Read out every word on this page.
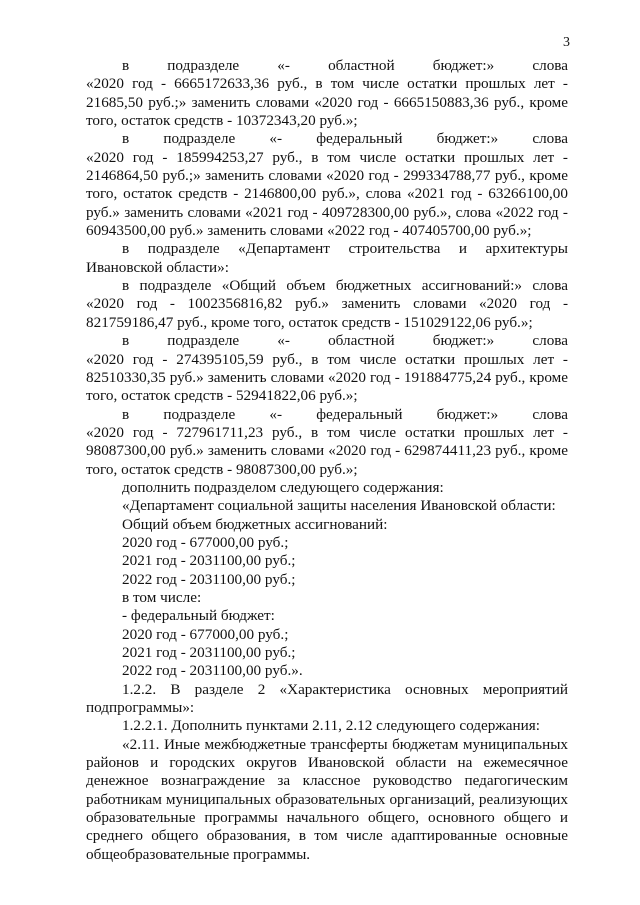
3

в подразделе «- областной бюджет:» слова

«2020 год - 6665172633,36 руб., в том числе остатки прошлых лет - 21685,50 руб.;» заменить словами «2020 год - 6665150883,36 руб., кроме того, остаток средств - 10372343,20 руб.»;

в подразделе «- федеральный бюджет:» слова

«2020 год - 185994253,27 руб., в том числе остатки прошлых лет - 2146864,50 руб.;» заменить словами «2020 год - 299334788,77 руб., кроме того, остаток средств - 2146800,00 руб.», слова «2021 год - 63266100,00 руб.» заменить словами «2021 год - 409728300,00 руб.», слова «2022 год - 60943500,00 руб.» заменить словами «2022 год - 407405700,00 руб.»;

в подразделе «Департамент строительства и архитектуры Ивановской области»:

в подразделе «Общий объем бюджетных ассигнований:» слова «2020 год - 1002356816,82 руб.» заменить словами «2020 год - 821759186,47 руб., кроме того, остаток средств - 151029122,06 руб.»;

в подразделе «- областной бюджет:» слова

«2020 год - 274395105,59 руб., в том числе остатки прошлых лет - 82510330,35 руб.» заменить словами «2020 год - 191884775,24 руб., кроме того, остаток средств - 52941822,06 руб.»;

в подразделе «- федеральный бюджет:» слова

«2020 год - 727961711,23 руб., в том числе остатки прошлых лет - 98087300,00 руб.» заменить словами «2020 год - 629874411,23 руб., кроме того, остаток средств - 98087300,00 руб.»;

дополнить подразделом следующего содержания:

«Департамент социальной защиты населения Ивановской области:

Общий объем бюджетных ассигнований:

2020 год - 677000,00 руб.;

2021 год - 2031100,00 руб.;

2022 год - 2031100,00 руб.;

в том числе:

- федеральный бюджет:

2020 год - 677000,00 руб.;

2021 год - 2031100,00 руб.;

2022 год - 2031100,00 руб.».

1.2.2. В разделе 2 «Характеристика основных мероприятий подпрограммы»:

1.2.2.1. Дополнить пунктами 2.11, 2.12 следующего содержания:

«2.11. Иные межбюджетные трансферты бюджетам муниципальных районов и городских округов Ивановской области на ежемесячное денежное вознаграждение за классное руководство педагогическим работникам муниципальных образовательных организаций, реализующих образовательные программы начального общего, основного общего и среднего общего образования, в том числе адаптированные основные общеобразовательные программы.
